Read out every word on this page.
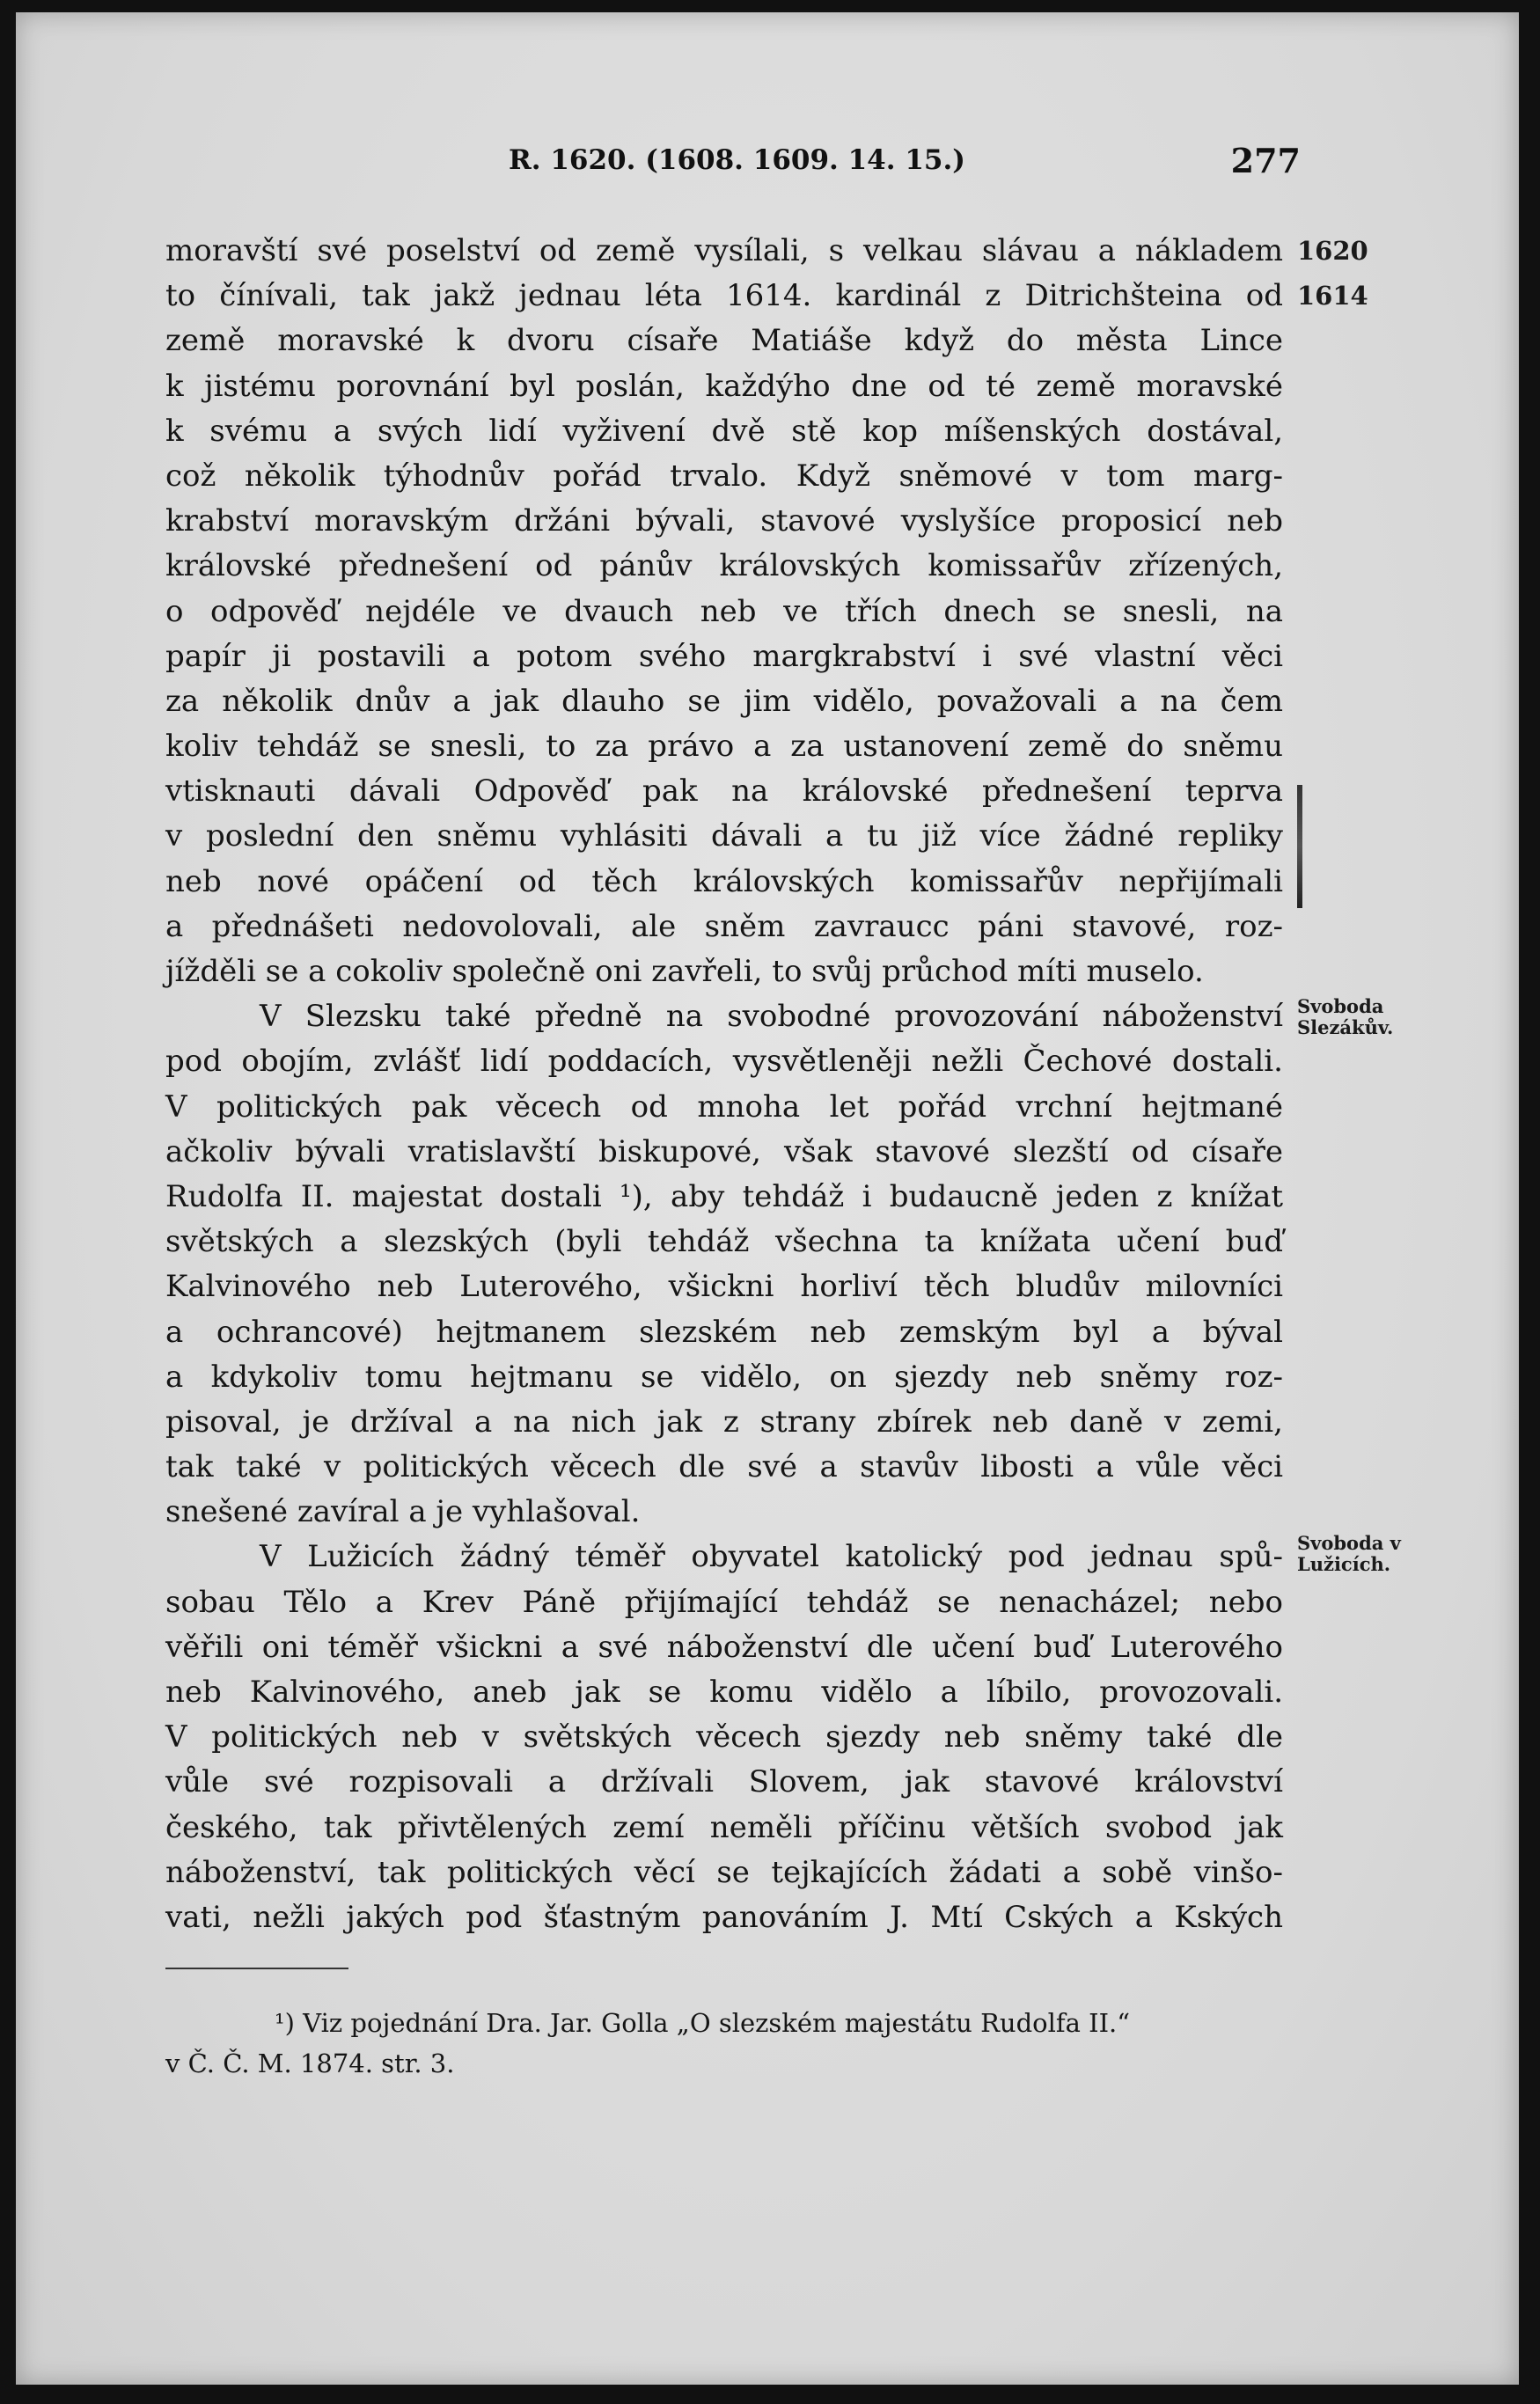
R. 1620. (1608. 1609. 14. 15.)	277
moravští své poselství od země vysílali, s velkau slávau a nákladem
to čínívali, tak jakž jednau léta 1614. kardinál z Ditrichšteina od
země moravské k dvoru císaře Matiáše když do města Lince
k jistému porovnání byl poslán, každýho dne od té země moravské
k svému a svých lidí vyživení dvě stě kop míšenských dostával,
což několik týhodnův pořád trvalo. Když sněmové v tom marg-
krabství moravským držáni bývali, stavové vyslyšíce proposicí neb
královské přednešení od pánův královských komissařův zřízených,
o odpověď nejdéle ve dvauch neb ve třích dnech se snesli, na
papír ji postavili a potom svého margkrabství i své vlastní věci
za několik dnův a jak dlauho se jim vidělo, považovali a na čem
koliv tehdáž se snesli, to za právo a za ustanovení země do sněmu
vtisknauti dávali Odpověď pak na královské přednešení teprva
v poslední den sněmu vyhlásiti dávali a tu již více žádné repliky
neb nové opáčení od těch královských komissařův nepřijímali
a přednášeti nedovolovali, ale sněm zavraucc páni stavové, roz-
jížděli se a cokoliv společně oni zavřeli, to svůj průchod míti muselo.
V Slezsku také předně na svobodné provozování náboženství
pod obojím, zvlášť lidí poddacích, vysvětleněji nežli Čechové dostali.
V politických pak věcech od mnoha let pořád vrchní hejtmané
ačkoliv bývali vratislavští biskupové, však stavové slezští od císaře
Rudolfa II. majestat dostali ¹), aby tehdáž i budaucně jeden z knížat
světských a slezských (byli tehdáž všechna ta knížata učení buď
Kalvinového neb Luterového, všicknі horliví těch bludův milovníci
a ochrancové) hejtmanem slezském neb zemským byl a býval
a kdykoliv tomu hejtmanu se vidělo, on sjezdy neb sněmy roz-
pisoval, je držíval a na nich jak z strany zbírek neb daně v zemi,
tak také v politických věcech dle své a stavův libosti a vůle věci
snešené zavíral a je vyhlašoval.
V Lužicích žádný téměř obyvatel katolický pod jednau spů-
sobau Tělo a Krev Páně přijímající tehdáž se nenacházel; nebo
věřili oni téměř všicknі a své náboženství dle učení buď Luterového
neb Kalvinového, aneb jak se komu vidělo a líbilo, provozovali.
V politických neb v světských věcech sjezdy neb sněmy také dle
vůle své rozpisovali a držívali Slovem, jak stavové království
českého, tak přivtělených zemí neměli příčinu větších svobod jak
náboženství, tak politických věcí se tejkajících žádati a sobě vinšo-
vati, nežli jakých pod šťastným panováním J. Mtí Cských a Kských
1620
1614
Svoboda
Slezákův.
Svoboda v
Lužicích.
¹) Viz pojednání Dra. Jar. Golla „O slezském majestátu Rudolfa II.“
v Č. Č. M. 1874. str. 3.
